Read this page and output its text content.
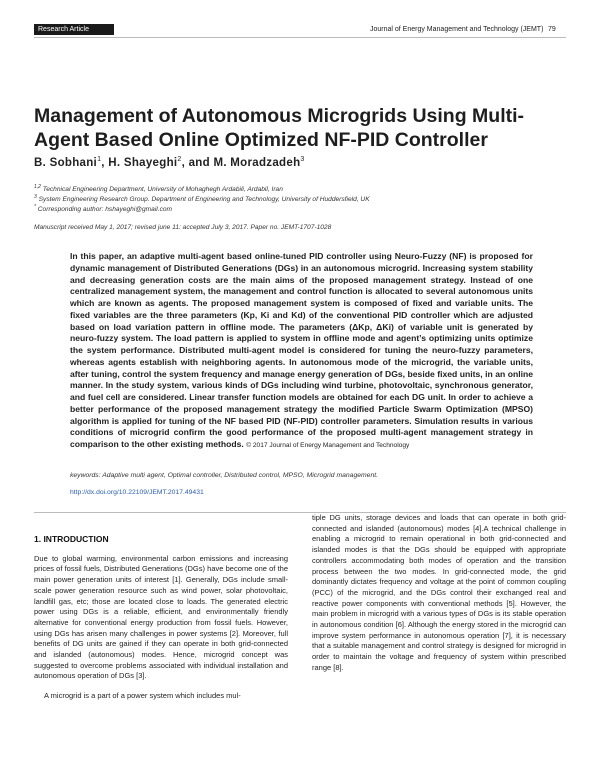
Research Article	Journal of Energy Management and Technology (JEMT) 79
Management of Autonomous Microgrids Using Multi-Agent Based Online Optimized NF-PID Controller
B. Sobhani$^1$, H. Shayeghi$^2$, and M. Moradzadeh$^3$
$^{1,2}$ Technical Engineering Department, University of Mohaghegh Ardabili, Ardabil, Iran
$^3$ System Engineering Research Group. Department of Engineering and Technology, University of Huddersfield, UK
* Corresponding author: hshayeghi@gmail.com
Manuscript received May 1, 2017; revised june 11: accepted July 3, 2017. Paper no. JEMT-1707-1028

In this paper, an adaptive multi-agent based online-tuned PID controller using Neuro-Fuzzy (NF) is proposed for dynamic management of Distributed Generations (DGs) in an autonomous microgrid. Increasing system stability and decreasing generation costs are the main aims of the proposed management strategy. Instead of one centralized management system, the management and control function is allocated to several autonomous units which are known as agents. The proposed management system is composed of fixed and variable units. The fixed variables are the three parameters (Kp, Ki and Kd) of the conventional PID controller which are adjusted based on load variation pattern in offline mode. The parameters (ΔKp, ΔKi) of variable unit is generated by neuro-fuzzy system. The load pattern is applied to system in offline mode and agent’s optimizing units optimize the system performance. Distributed multi-agent model is considered for tuning the neuro-fuzzy parameters, whereas agents establish with neighboring agents. In autonomous mode of the microgrid, the variable units, after tuning, control the system frequency and manage energy generation of DGs, beside fixed units, in an online manner. In the study system, various kinds of DGs including wind turbine, photovoltaic, synchronous generator, and fuel cell are considered. Linear transfer function models are obtained for each DG unit. In order to achieve a better performance of the proposed management strategy the modified Particle Swarm Optimization (MPSO) algorithm is applied for tuning of the NF based PID (NF-PID) controller parameters. Simulation results in various conditions of microgrid confirm the good performance of the proposed multi-agent management strategy in comparison to the other existing methods. © 2017 Journal of Energy Management and Technology

keywords: Adaptive multi agent, Optimal controller, Distributed control, MPSO, Microgrid management.
http://dx.doi.org/10.22109/JEMT.2017.49431

1. INTRODUCTION

Due to global warming, environmental carbon emissions and increasing prices of fossil fuels, Distributed Generations (DGs) have become one of the main power generation units of interest [1]. Generally, DGs include small-scale power generation resource such as wind power, solar photovoltaic, landfill gas, etc; those are located close to loads. The generated electric power using DGs is a reliable, efficient, and environmentally friendly alternative for conventional energy production from fossil fuels. However, using DGs has arisen many challenges in power systems [2]. Moreover, full benefits of DG units are gained if they can operate in both grid-connected and islanded (autonomous) modes. Hence, microgrid concept was suggested to overcome problems associated with individual installation and autonomous operation of DGs [3].

A microgrid is a part of a power system which includes mul-

tiple DG units, storage devices and loads that can operate in both grid-connected and islanded (autonomous) modes [4].A technical challenge in enabling a microgrid to remain operational in both grid-connected and islanded modes is that the DGs should be equipped with appropriate controllers accommodating both modes of operation and the transition process between the two modes. In grid-connected mode, the grid dominantly dictates frequency and voltage at the point of common coupling (PCC) of the microgrid, and the DGs control their exchanged real and reactive power components with conventional methods [5]. However, the main problem in microgrid with a various types of DGs is its stable operation in autonomous condition [6]. Although the energy stored in the microgrid can improve system performance in autonomous operation [7], it is necessary that a suitable management and control strategy is designed for microgrid in order to maintain the voltage and frequency of system within prescribed range [8].
